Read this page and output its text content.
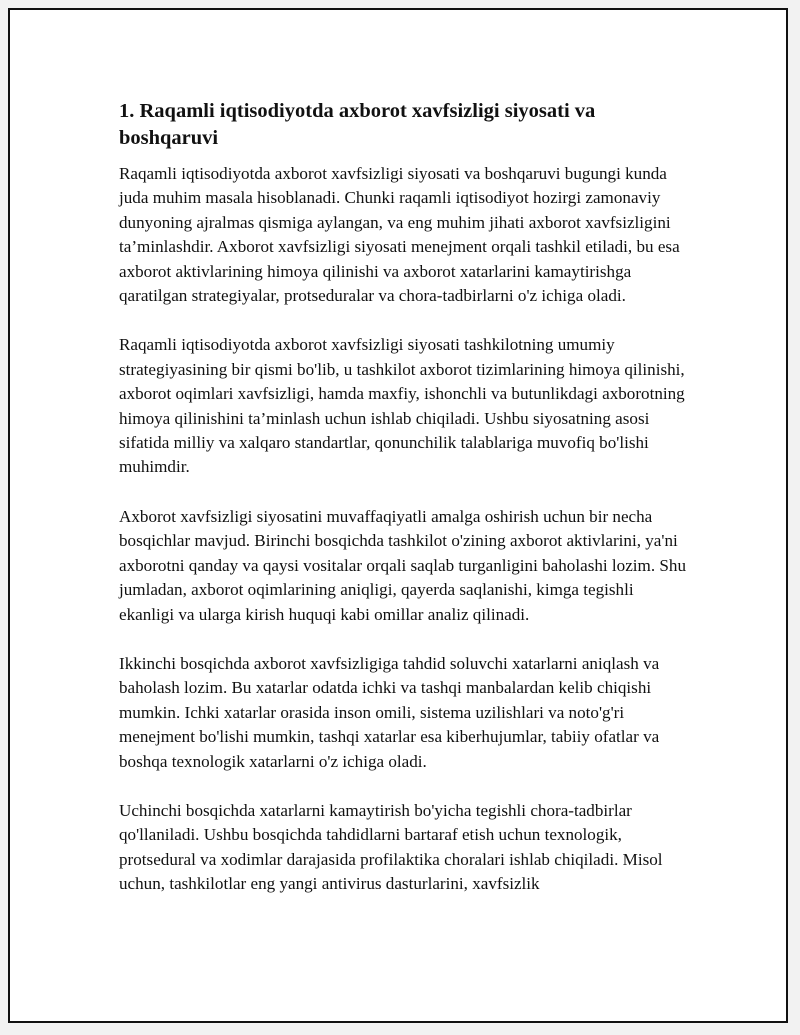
1. Raqamli iqtisodiyotda axborot xavfsizligi siyosati va boshqaruvi

Raqamli iqtisodiyotda axborot xavfsizligi siyosati va boshqaruvi bugungi kunda juda muhim masala hisoblanadi. Chunki raqamli iqtisodiyot hozirgi zamonaviy dunyoning ajralmas qismiga aylangan, va eng muhim jihati axborot xavfsizligini ta’minlashdir. Axborot xavfsizligi siyosati menejment orqali tashkil etiladi, bu esa axborot aktivlarining himoya qilinishi va axborot xatarlarini kamaytirishga qaratilgan strategiyalar, protseduralar va chora-tadbirlarni o'z ichiga oladi.

Raqamli iqtisodiyotda axborot xavfsizligi siyosati tashkilotning umumiy strategiyasining bir qismi bo'lib, u tashkilot axborot tizimlarining himoya qilinishi, axborot oqimlari xavfsizligi, hamda maxfiy, ishonchli va butunlikdagi axborotning himoya qilinishini ta’minlash uchun ishlab chiqiladi. Ushbu siyosatning asosi sifatida milliy va xalqaro standartlar, qonunchilik talablariga muvofiq bo'lishi muhimdir.

Axborot xavfsizligi siyosatini muvaffaqiyatli amalga oshirish uchun bir necha bosqichlar mavjud. Birinchi bosqichda tashkilot o'zining axborot aktivlarini, ya'ni axborotni qanday va qaysi vositalar orqali saqlab turganligini baholashi lozim. Shu jumladan, axborot oqimlarining aniqligi, qayerda saqlanishi, kimga tegishli ekanligi va ularga kirish huquqi kabi omillar analiz qilinadi.

Ikkinchi bosqichda axborot xavfsizligiga tahdid soluvchi xatarlarni aniqlash va baholash lozim. Bu xatarlar odatda ichki va tashqi manbalardan kelib chiqishi mumkin. Ichki xatarlar orasida inson omili, sistema uzilishlari va noto'g'ri menejment bo'lishi mumkin, tashqi xatarlar esa kiberhujumlar, tabiiy ofatlar va boshqa texnologik xatarlarni o'z ichiga oladi.

Uchinchi bosqichda xatarlarni kamaytirish bo'yicha tegishli chora-tadbirlar qo'llaniladi. Ushbu bosqichda tahdidlarni bartaraf etish uchun texnologik, protsedural va xodimlar darajasida profilaktika choralari ishlab chiqiladi. Misol uchun, tashkilotlar eng yangi antivirus dasturlarini, xavfsizlik
